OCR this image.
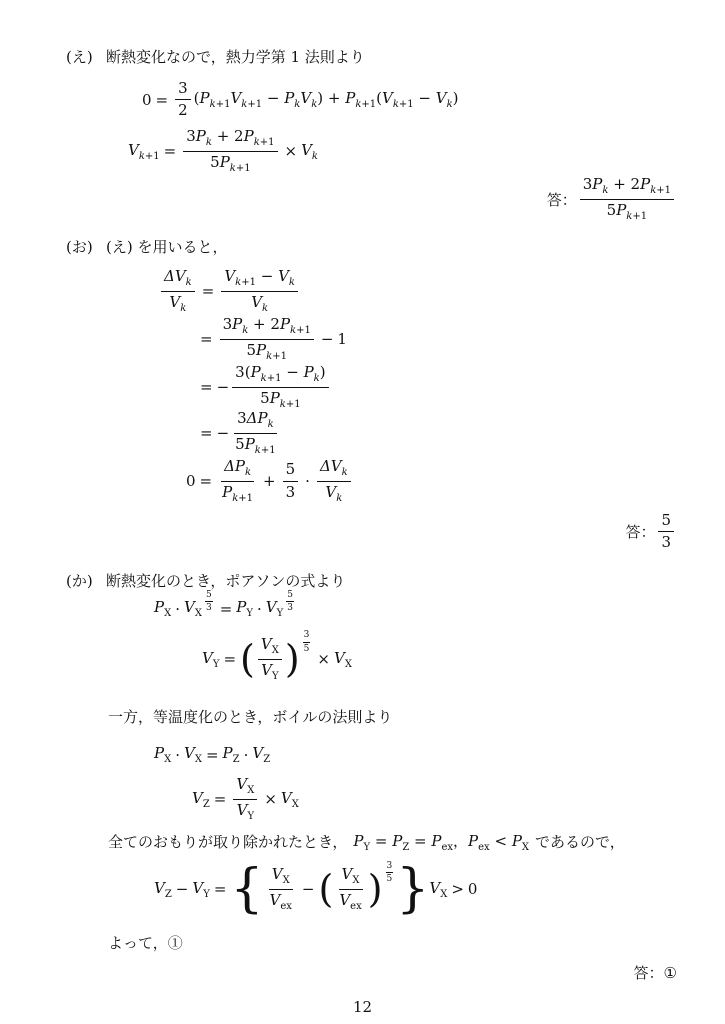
(え) 断熱変化なので，熱力学第 1 法則より
$0 = \frac{3}{2} (P_{k+1}V_{k+1} - P_kV_k) + P_{k+1}(V_{k+1} - V_k)$
$V_{k+1} = \frac{3P_k + 2P_{k+1}}{5P_{k+1}} \times V_k$
答： $\frac{3P_k + 2P_{k+1}}{5P_{k+1}}$
(お) (え) を用いると，
$\frac{\Delta V_k}{V_k} = \frac{V_{k+1} - V_k}{V_k}$
= $\frac{3P_k + 2P_{k+1}}{5P_{k+1}} - 1$
= − $\frac{3(P_{k+1} - P_k)}{5P_{k+1}}$
= − $\frac{3\Delta P_k}{5P_{k+1}}$
$0 = \frac{\Delta P_k}{P_{k+1}} + \frac{5}{3} \cdot \frac{\Delta V_k}{V_k}$
答： $\frac{5}{3}$
(か) 断熱変化のとき，ポアソンの式より
$P_X \cdot V_X$
$\frac{5}{3} = P_Y \cdot V_Y$
$\frac{5}{3}$
$V_Y$ = ( $\frac{V_X}{V_Y}$ ) $\frac{3}{5}$
× $V_X$
一方，等温度化のとき，ボイルの法則より
$P_X \cdot V_X = P_Z \cdot V_Z$
$V_Z = \frac{V_X}{V_Y} \times V_X$
全てのおもりが取り除かれたとき， $P_Y = P_Z = P_{ex}$，$P_{ex} < P_X$ であるので，
$V_Z - V_Y$ = { $\frac{V_X}{V_{ex}}$ − ( $\frac{V_X}{V_{ex}}$ ) $\frac{3}{5}$ } $V_X > 0$
よって，①
答： ①
12
